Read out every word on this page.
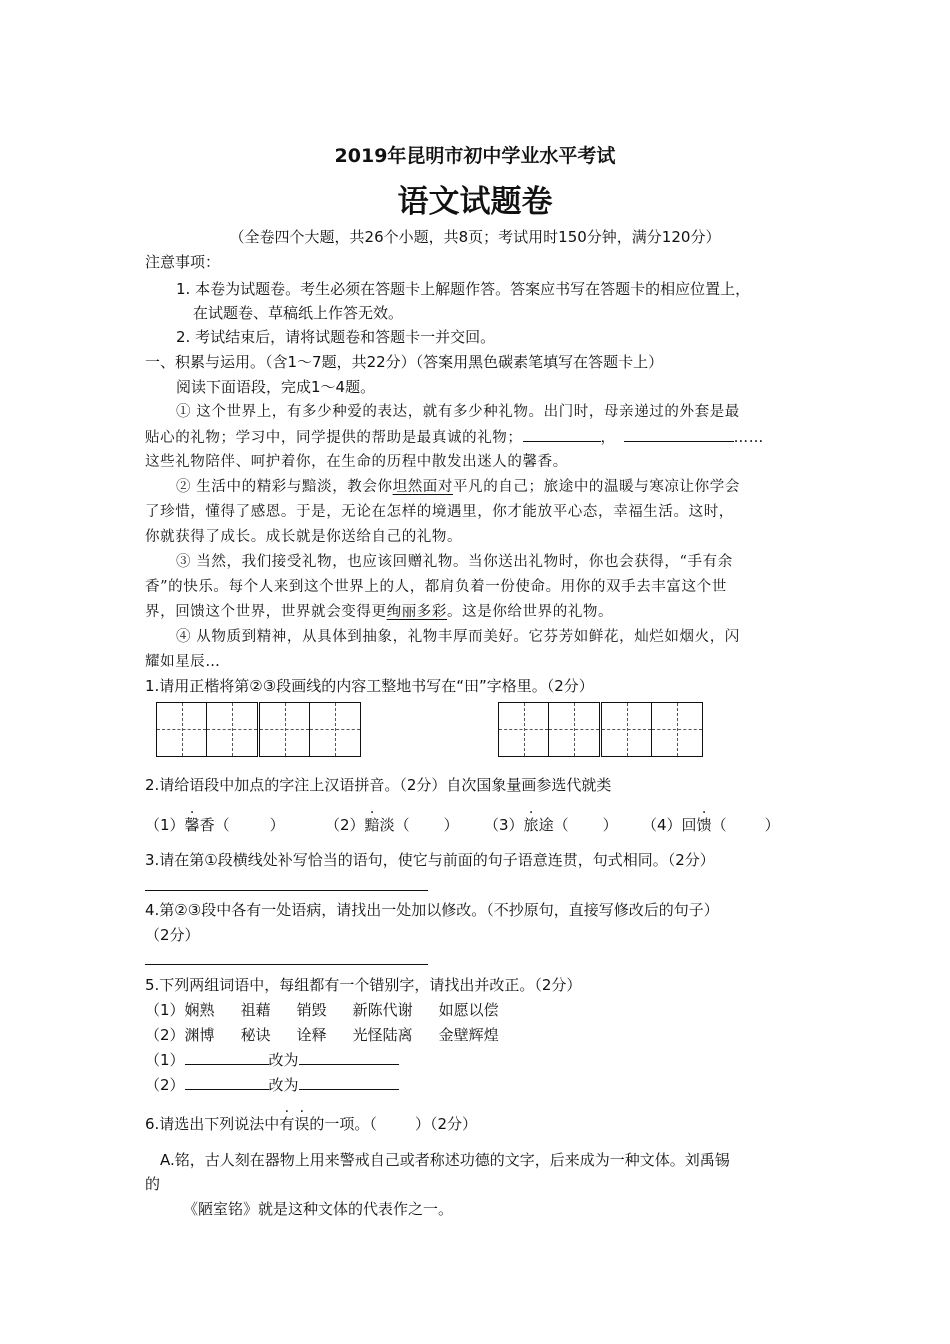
2019年昆明市初中学业水平考试
语文试题卷
（全卷四个大题，共26个小题，共8页；考试用时150分钟，满分120分）
注意事项：
1. 本卷为试题卷。考生必须在答题卡上解题作答。答案应书写在答题卡的相应位置上，
在试题卷、草稿纸上作答无效。
2. 考试结束后，请将试题卷和答题卡一并交回。
一、积累与运用。（含1～7题，共22分）（答案用黑色碳素笔填写在答题卡上）
阅读下面语段，完成1～4题。
① 这个世界上，有多少种爱的表达，就有多少种礼物。出门时，母亲递过的外套是最
贴心的礼物；学习中，同学提供的帮助是最真诚的礼物；	，	……
这些礼物陪伴、呵护着你，在生命的历程中散发出迷人的馨香。
② 生活中的精彩与黯淡，教会你坦然面对平凡的自己；旅途中的温暖与寒凉让你学会
了珍惜，懂得了感恩。于是，无论在怎样的境遇里，你才能放平心态，幸福生活。这时，
你就获得了成长。成长就是你送给自己的礼物。
③ 当然，我们接受礼物，也应该回赠礼物。当你送出礼物时，你也会获得，“手有余
香”的快乐。每个人来到这个世界上的人，都肩负着一份使命。用你的双手去丰富这个世
界，回馈这个世界，世界就会变得更绚丽多彩。这是你给世界的礼物。
④ 从物质到精神，从具体到抽象，礼物丰厚而美好。它芬芳如鲜花，灿烂如烟火，闪
耀如星辰…
1.请用正楷将第②③段画线的内容工整地书写在“田”字格里。（2分）
2.请给语段中加点的字注上汉语拼音。（2分）自次国象量画参选代就类
（1）馨香（	）	（2）黯淡（ ） （3）旅途（ ） （4）回馈（	）
3.请在第①段横线处补写恰当的语句，使它与前面的句子语意连贯，句式相同。（2分）
4.第②③段中各有一处语病，请找出一处加以修改。（不抄原句，直接写修改后的句子）
（2分）
5.下列两组词语中，每组都有一个错别字，请找出并改正。（2分）
（1）娴熟 祖藉 销毁 新陈代谢 如愿以偿
（2）渊博 秘诀 诠释 光怪陆离 金壁辉煌
（1）	改为
（2）	改为
6.请选出下列说法中有误的一项。（        ）（2分）
A.铭，古人刻在器物上用来警戒自己或者称述功德的文字，后来成为一种文体。刘禹锡
的
《陋室铭》就是这种文体的代表作之一。
